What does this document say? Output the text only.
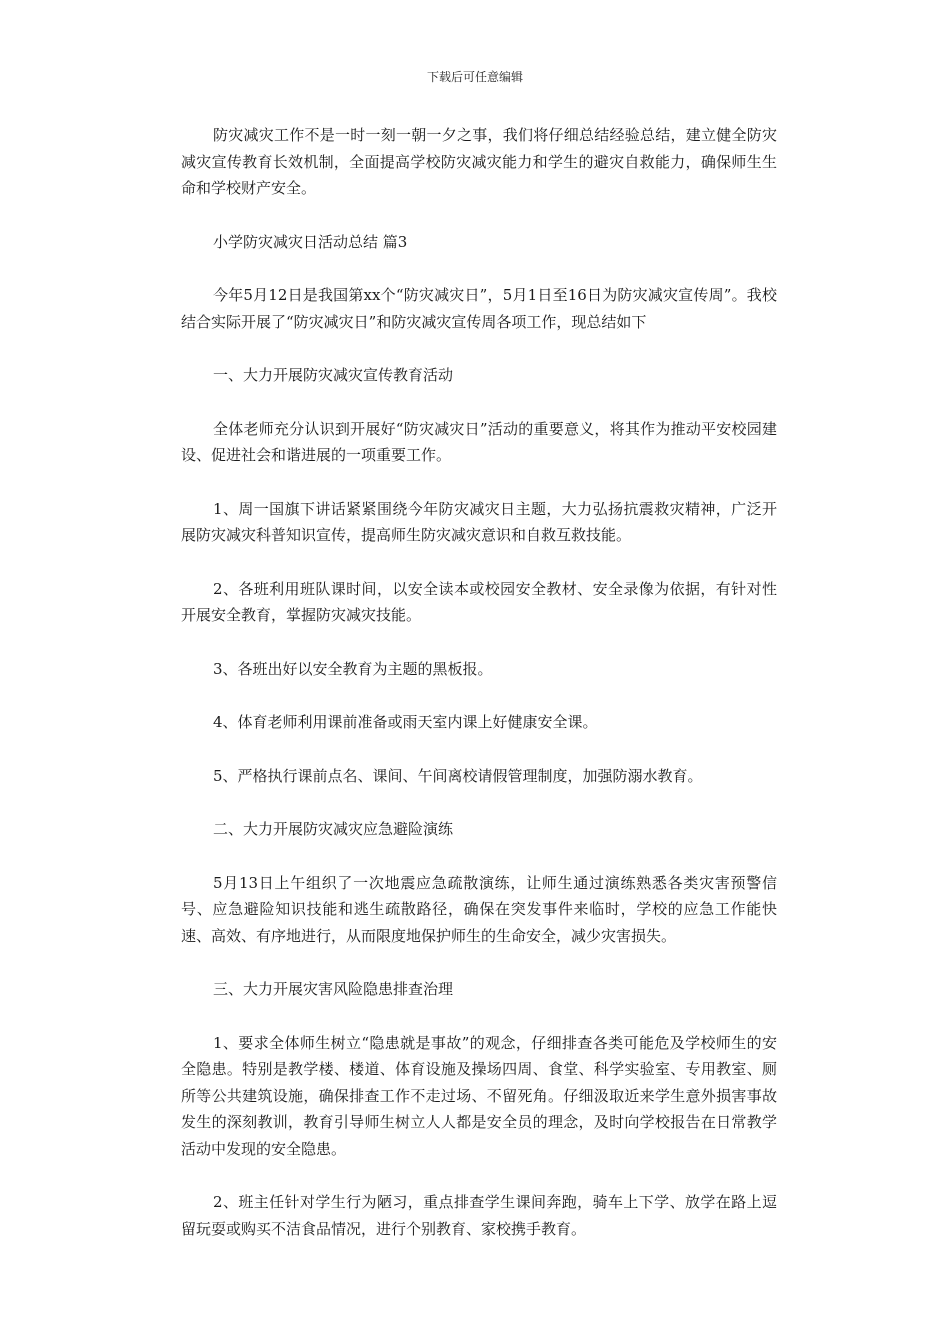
下载后可任意编辑

防灾减灾工作不是一时一刻一朝一夕之事，我们将仔细总结经验总结，建立健全防灾减灾宣传教育长效机制，全面提高学校防灾减灾能力和学生的避灾自救能力，确保师生生命和学校财产安全。

小学防灾减灾日活动总结 篇3

今年5月12日是我国第xx个“防灾减灾日”，5月1日至16日为防灾减灾宣传周”。我校结合实际开展了“防灾减灾日”和防灾减灾宣传周各项工作，现总结如下

一、大力开展防灾减灾宣传教育活动

全体老师充分认识到开展好“防灾减灾日”活动的重要意义，将其作为推动平安校园建设、促进社会和谐进展的一项重要工作。

1、周一国旗下讲话紧紧围绕今年防灾减灾日主题，大力弘扬抗震救灾精神，广泛开展防灾减灾科普知识宣传，提高师生防灾减灾意识和自救互救技能。

2、各班利用班队课时间，以安全读本或校园安全教材、安全录像为依据，有针对性开展安全教育，掌握防灾减灾技能。

3、各班出好以安全教育为主题的黑板报。

4、体育老师利用课前准备或雨天室内课上好健康安全课。

5、严格执行课前点名、课间、午间离校请假管理制度，加强防溺水教育。

二、大力开展防灾减灾应急避险演练

5月13日上午组织了一次地震应急疏散演练，让师生通过演练熟悉各类灾害预警信号、应急避险知识技能和逃生疏散路径，确保在突发事件来临时，学校的应急工作能快速、高效、有序地进行，从而限度地保护师生的生命安全，减少灾害损失。

三、大力开展灾害风险隐患排查治理

1、要求全体师生树立“隐患就是事故”的观念，仔细排查各类可能危及学校师生的安全隐患。特别是教学楼、楼道、体育设施及操场四周、食堂、科学实验室、专用教室、厕所等公共建筑设施，确保排查工作不走过场、不留死角。仔细汲取近来学生意外损害事故发生的深刻教训，教育引导师生树立人人都是安全员的理念，及时向学校报告在日常教学活动中发现的安全隐患。

2、班主任针对学生行为陋习，重点排查学生课间奔跑，骑车上下学、放学在路上逗留玩耍或购买不洁食品情况，进行个别教育、家校携手教育。
